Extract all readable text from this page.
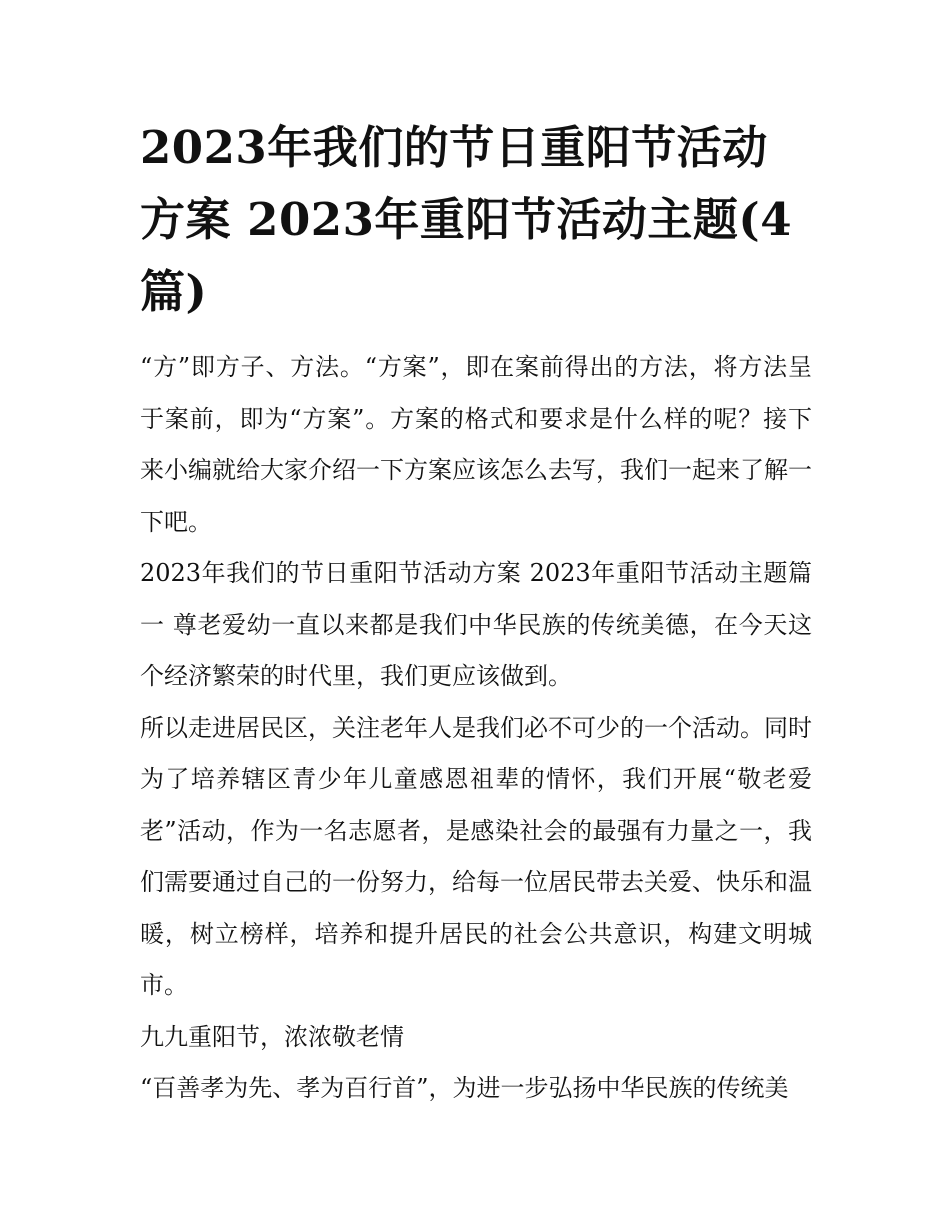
2023年我们的节日重阳节活动方案 2023年重阳节活动主题(4篇)

“方”即方子、方法。“方案”，即在案前得出的方法，将方法呈于案前，即为“方案”。方案的格式和要求是什么样的呢？接下来小编就给大家介绍一下方案应该怎么去写，我们一起来了解一下吧。

2023年我们的节日重阳节活动方案 2023年重阳节活动主题篇一 尊老爱幼一直以来都是我们中华民族的传统美德，在今天这个经济繁荣的时代里，我们更应该做到。

所以走进居民区，关注老年人是我们必不可少的一个活动。同时为了培养辖区青少年儿童感恩祖辈的情怀，我们开展“敬老爱老”活动，作为一名志愿者，是感染社会的最强有力量之一，我们需要通过自己的一份努力，给每一位居民带去关爱、快乐和温暖，树立榜样，培养和提升居民的社会公共意识，构建文明城市。

九九重阳节，浓浓敬老情

“百善孝为先、孝为百行首”，为进一步弘扬中华民族的传统美
